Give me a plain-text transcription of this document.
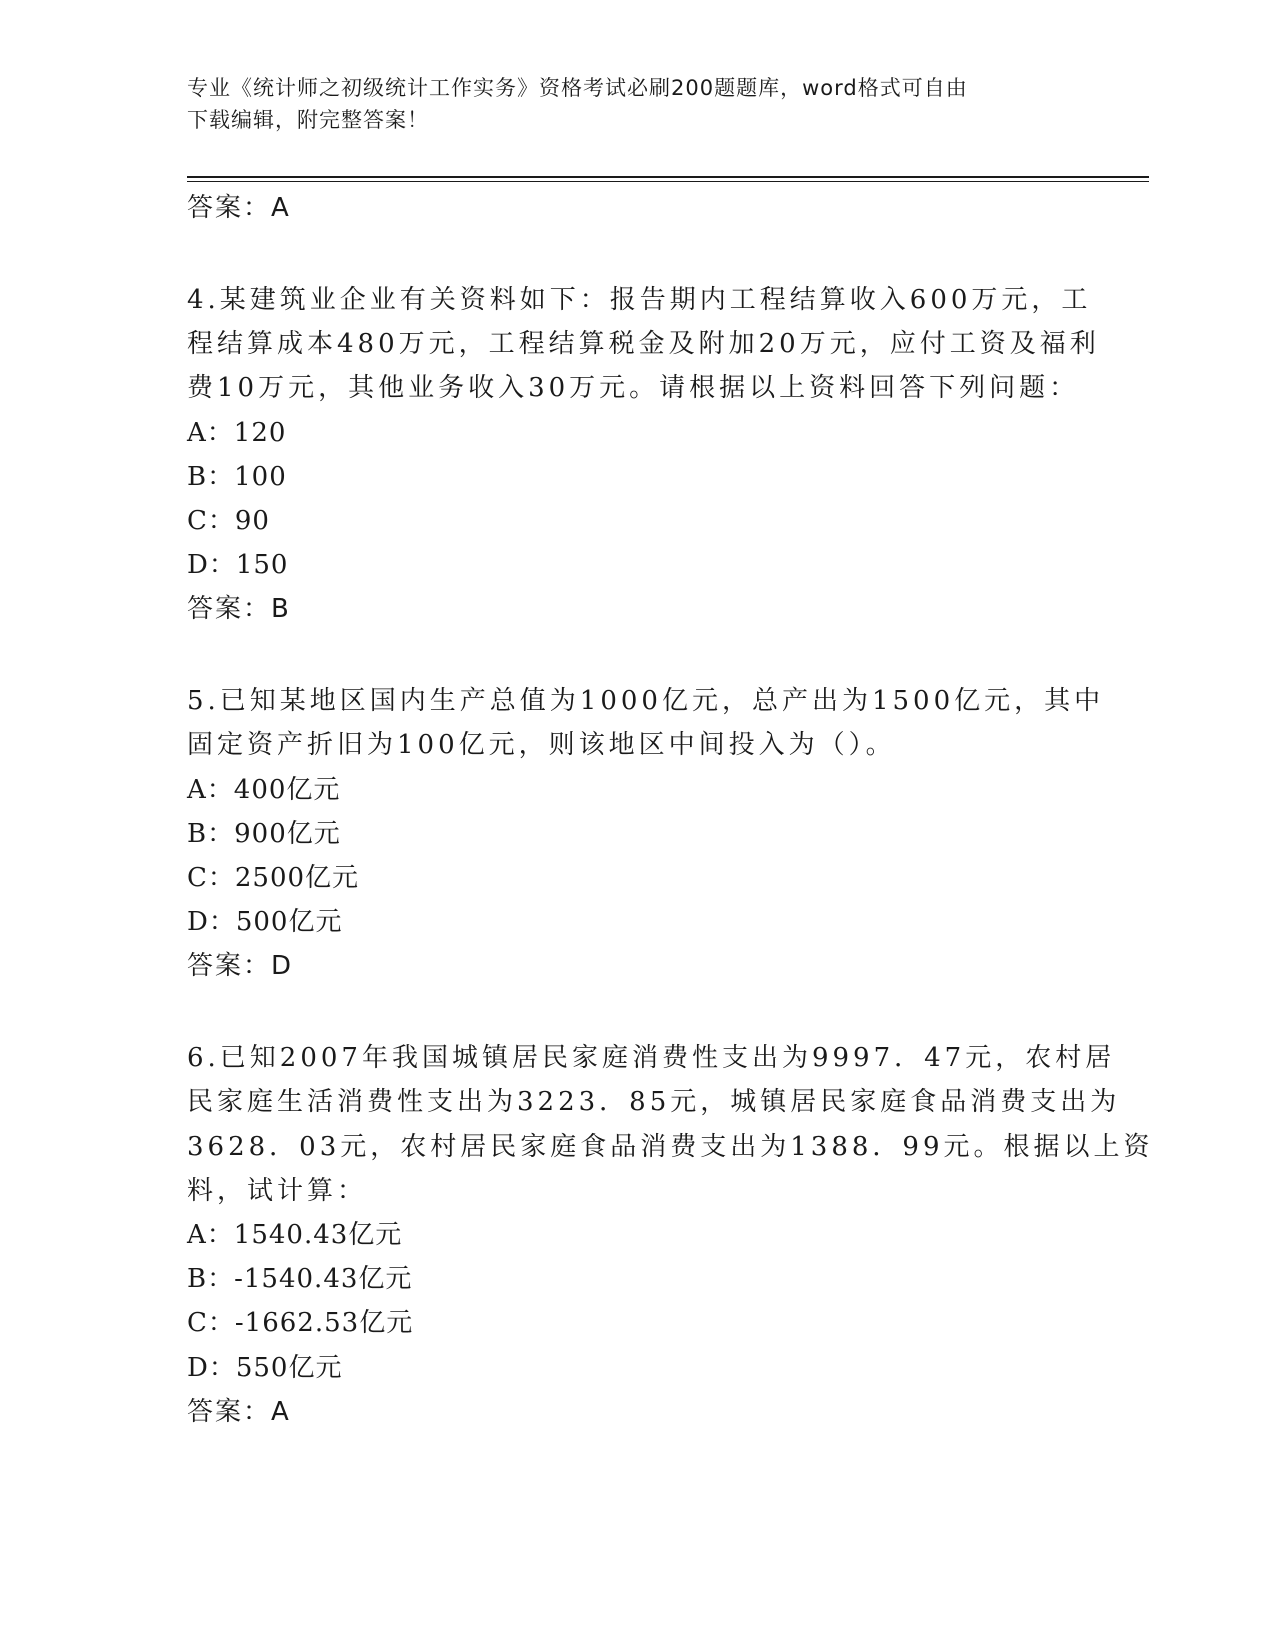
专业《统计师之初级统计工作实务》资格考试必刷200题题库，word格式可自由
下载编辑，附完整答案！
答案：A
4.某建筑业企业有关资料如下：报告期内工程结算收入600万元，工
程结算成本480万元，工程结算税金及附加20万元，应付工资及福利
费10万元，其他业务收入30万元。请根据以上资料回答下列问题：
A：120
B：100
C：90
D：150
答案：B
5.已知某地区国内生产总值为1000亿元，总产出为1500亿元，其中
固定资产折旧为100亿元，则该地区中间投入为（）。
A：400亿元
B：900亿元
C：2500亿元
D：500亿元
答案：D
6.已知2007年我国城镇居民家庭消费性支出为9997．47元，农村居
民家庭生活消费性支出为3223．85元，城镇居民家庭食品消费支出为
3628．03元，农村居民家庭食品消费支出为1388．99元。根据以上资
料，试计算：
A：1540.43亿元
B：-1540.43亿元
C：-1662.53亿元
D：550亿元
答案：A
